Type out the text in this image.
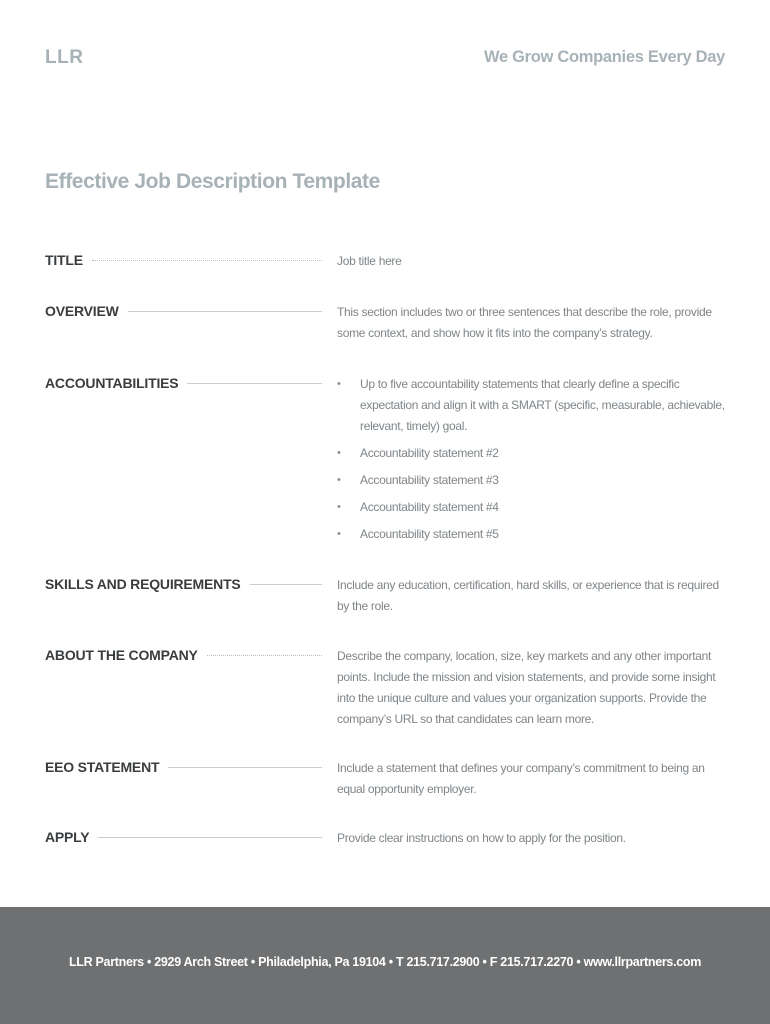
LLR	We Grow Companies Every Day
Effective Job Description Template
TITLE	Job title here

OVERVIEW	This section includes two or three sentences that describe the role, provide some context, and show how it fits into the company’s strategy.

ACCOUNTABILITIES	• Up to five accountability statements that clearly define a specific expectation and align it with a SMART (specific, measurable, achievable, relevant, timely) goal.
• Accountability statement #2
• Accountability statement #3
• Accountability statement #4
• Accountability statement #5
SKILLS AND REQUIREMENTS	Include any education, certification, hard skills, or experience that is required by the role.

ABOUT THE COMPANY	Describe the company, location, size, key markets and any other important points. Include the mission and vision statements, and provide some insight into the unique culture and values your organization supports. Provide the company’s URL so that candidates can learn more.

EEO STATEMENT	Include a statement that defines your company’s commitment to being an equal opportunity employer.

APPLY	Provide clear instructions on how to apply for the position.

LLR Partners • 2929 Arch Street • Philadelphia, Pa 19104 • T 215.717.2900 • F 215.717.2270 • www.llrpartners.com
